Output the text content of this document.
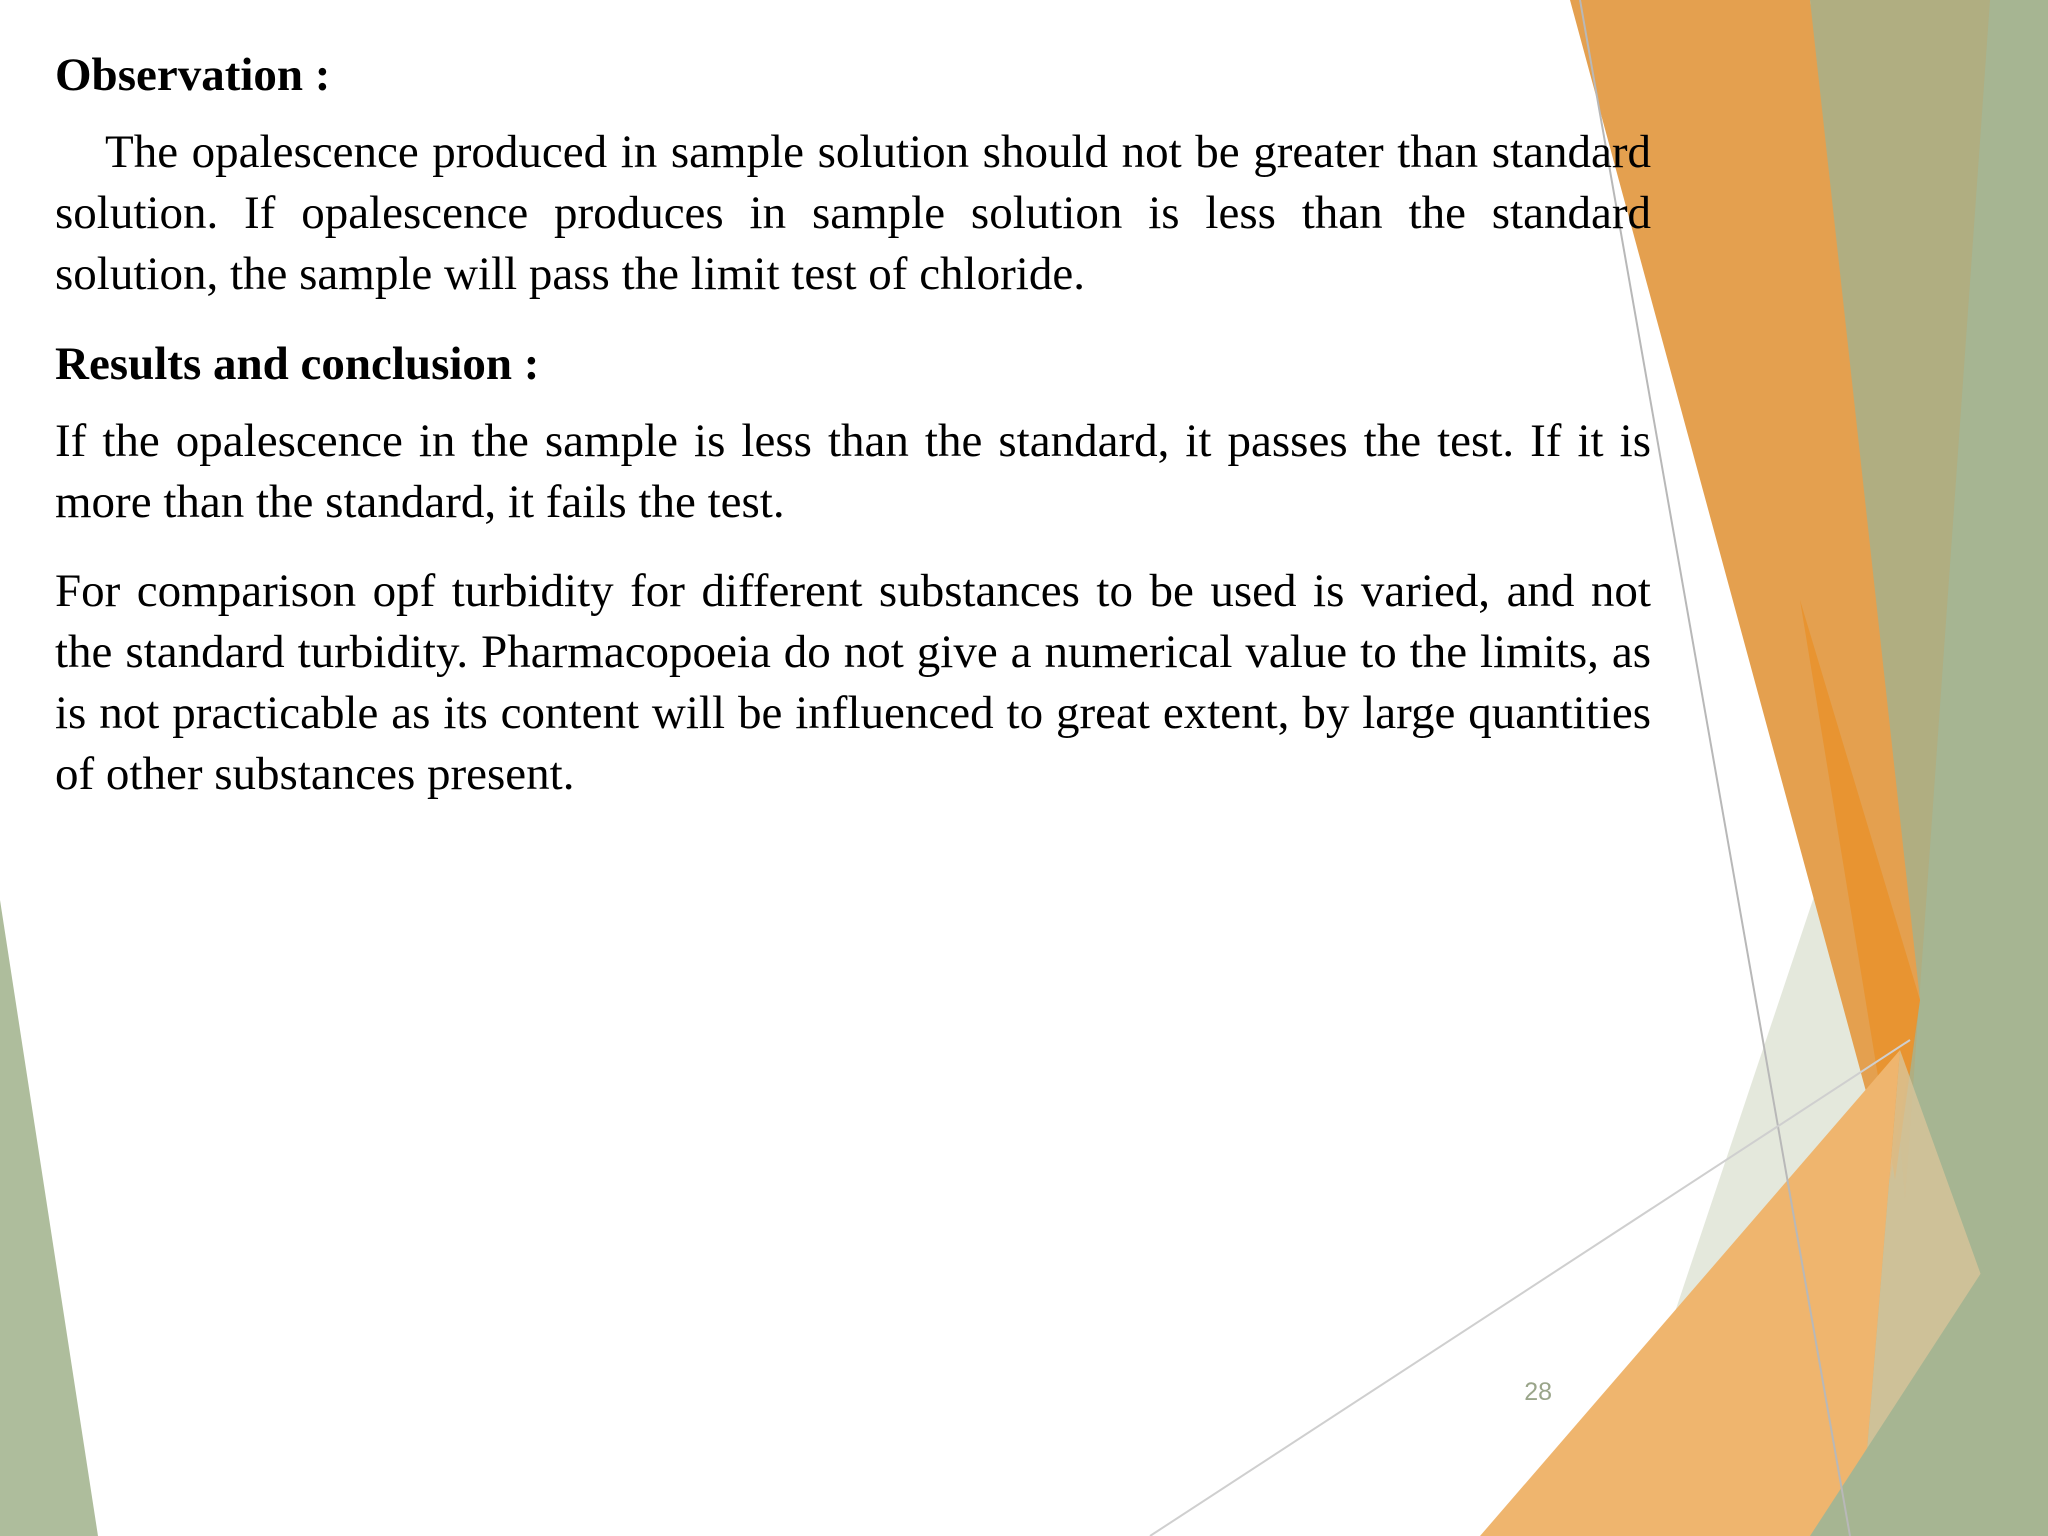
Observation :

The opalescence produced in sample solution should not be greater than standard solution. If opalescence produces in sample solution is less than the standard solution, the sample will pass the limit test of chloride.

Results and conclusion :

If the opalescence in the sample is less than the standard, it passes the test. If it is more than the standard, it fails the test.

For comparison opf turbidity for different substances to be used is varied, and not the standard turbidity. Pharmacopoeia do not give a numerical value to the limits, as is not practicable as its content will be influenced to great extent, by large quantities of other substances present.

28
